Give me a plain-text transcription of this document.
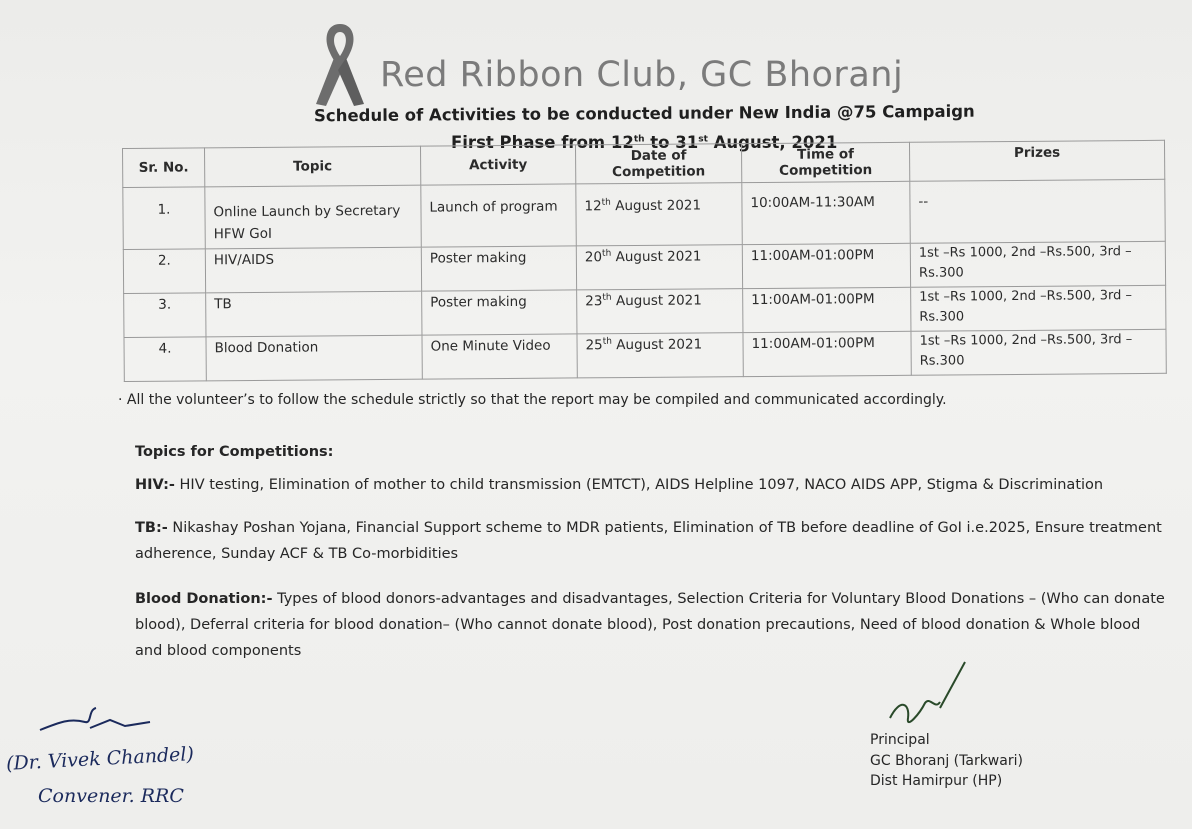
Red Ribbon Club, GC Bhoranj
Schedule of Activities to be conducted under New India @75 Campaign
First Phase from 12th to 31st August, 2021
Sr. No.	Topic	Activity	Date of Competition	Time of Competition	Prizes
1.	Online Launch by Secretary HFW GoI	Launch of program	12th August 2021	10:00AM-11:30AM	--
2.	HIV/AIDS	Poster making	20th August 2021	11:00AM-01:00PM	1st –Rs 1000, 2nd –Rs.500, 3rd – Rs.300
3.	TB	Poster making	23th August 2021	11:00AM-01:00PM	1st –Rs 1000, 2nd –Rs.500, 3rd – Rs.300
4.	Blood Donation	One Minute Video	25th August 2021	11:00AM-01:00PM	1st –Rs 1000, 2nd –Rs.500, 3rd – Rs.300
· All the volunteer’s to follow the schedule strictly so that the report may be compiled and communicated accordingly.
Topics for Competitions:
HIV:- HIV testing, Elimination of mother to child transmission (EMTCT), AIDS Helpline 1097, NACO AIDS APP, Stigma & Discrimination
TB:- Nikashay Poshan Yojana, Financial Support scheme to MDR patients, Elimination of TB before deadline of GoI i.e.2025, Ensure treatment adherence, Sunday ACF & TB Co-morbidities
Blood Donation:- Types of blood donors-advantages and disadvantages, Selection Criteria for Voluntary Blood Donations – (Who can donate blood), Deferral criteria for blood donation– (Who cannot donate blood), Post donation precautions, Need of blood donation & Whole blood and blood components
(Dr. Vivek Chandel)
Convener. RRC
Principal
GC Bhoranj (Tarkwari)
Dist Hamirpur (HP)
